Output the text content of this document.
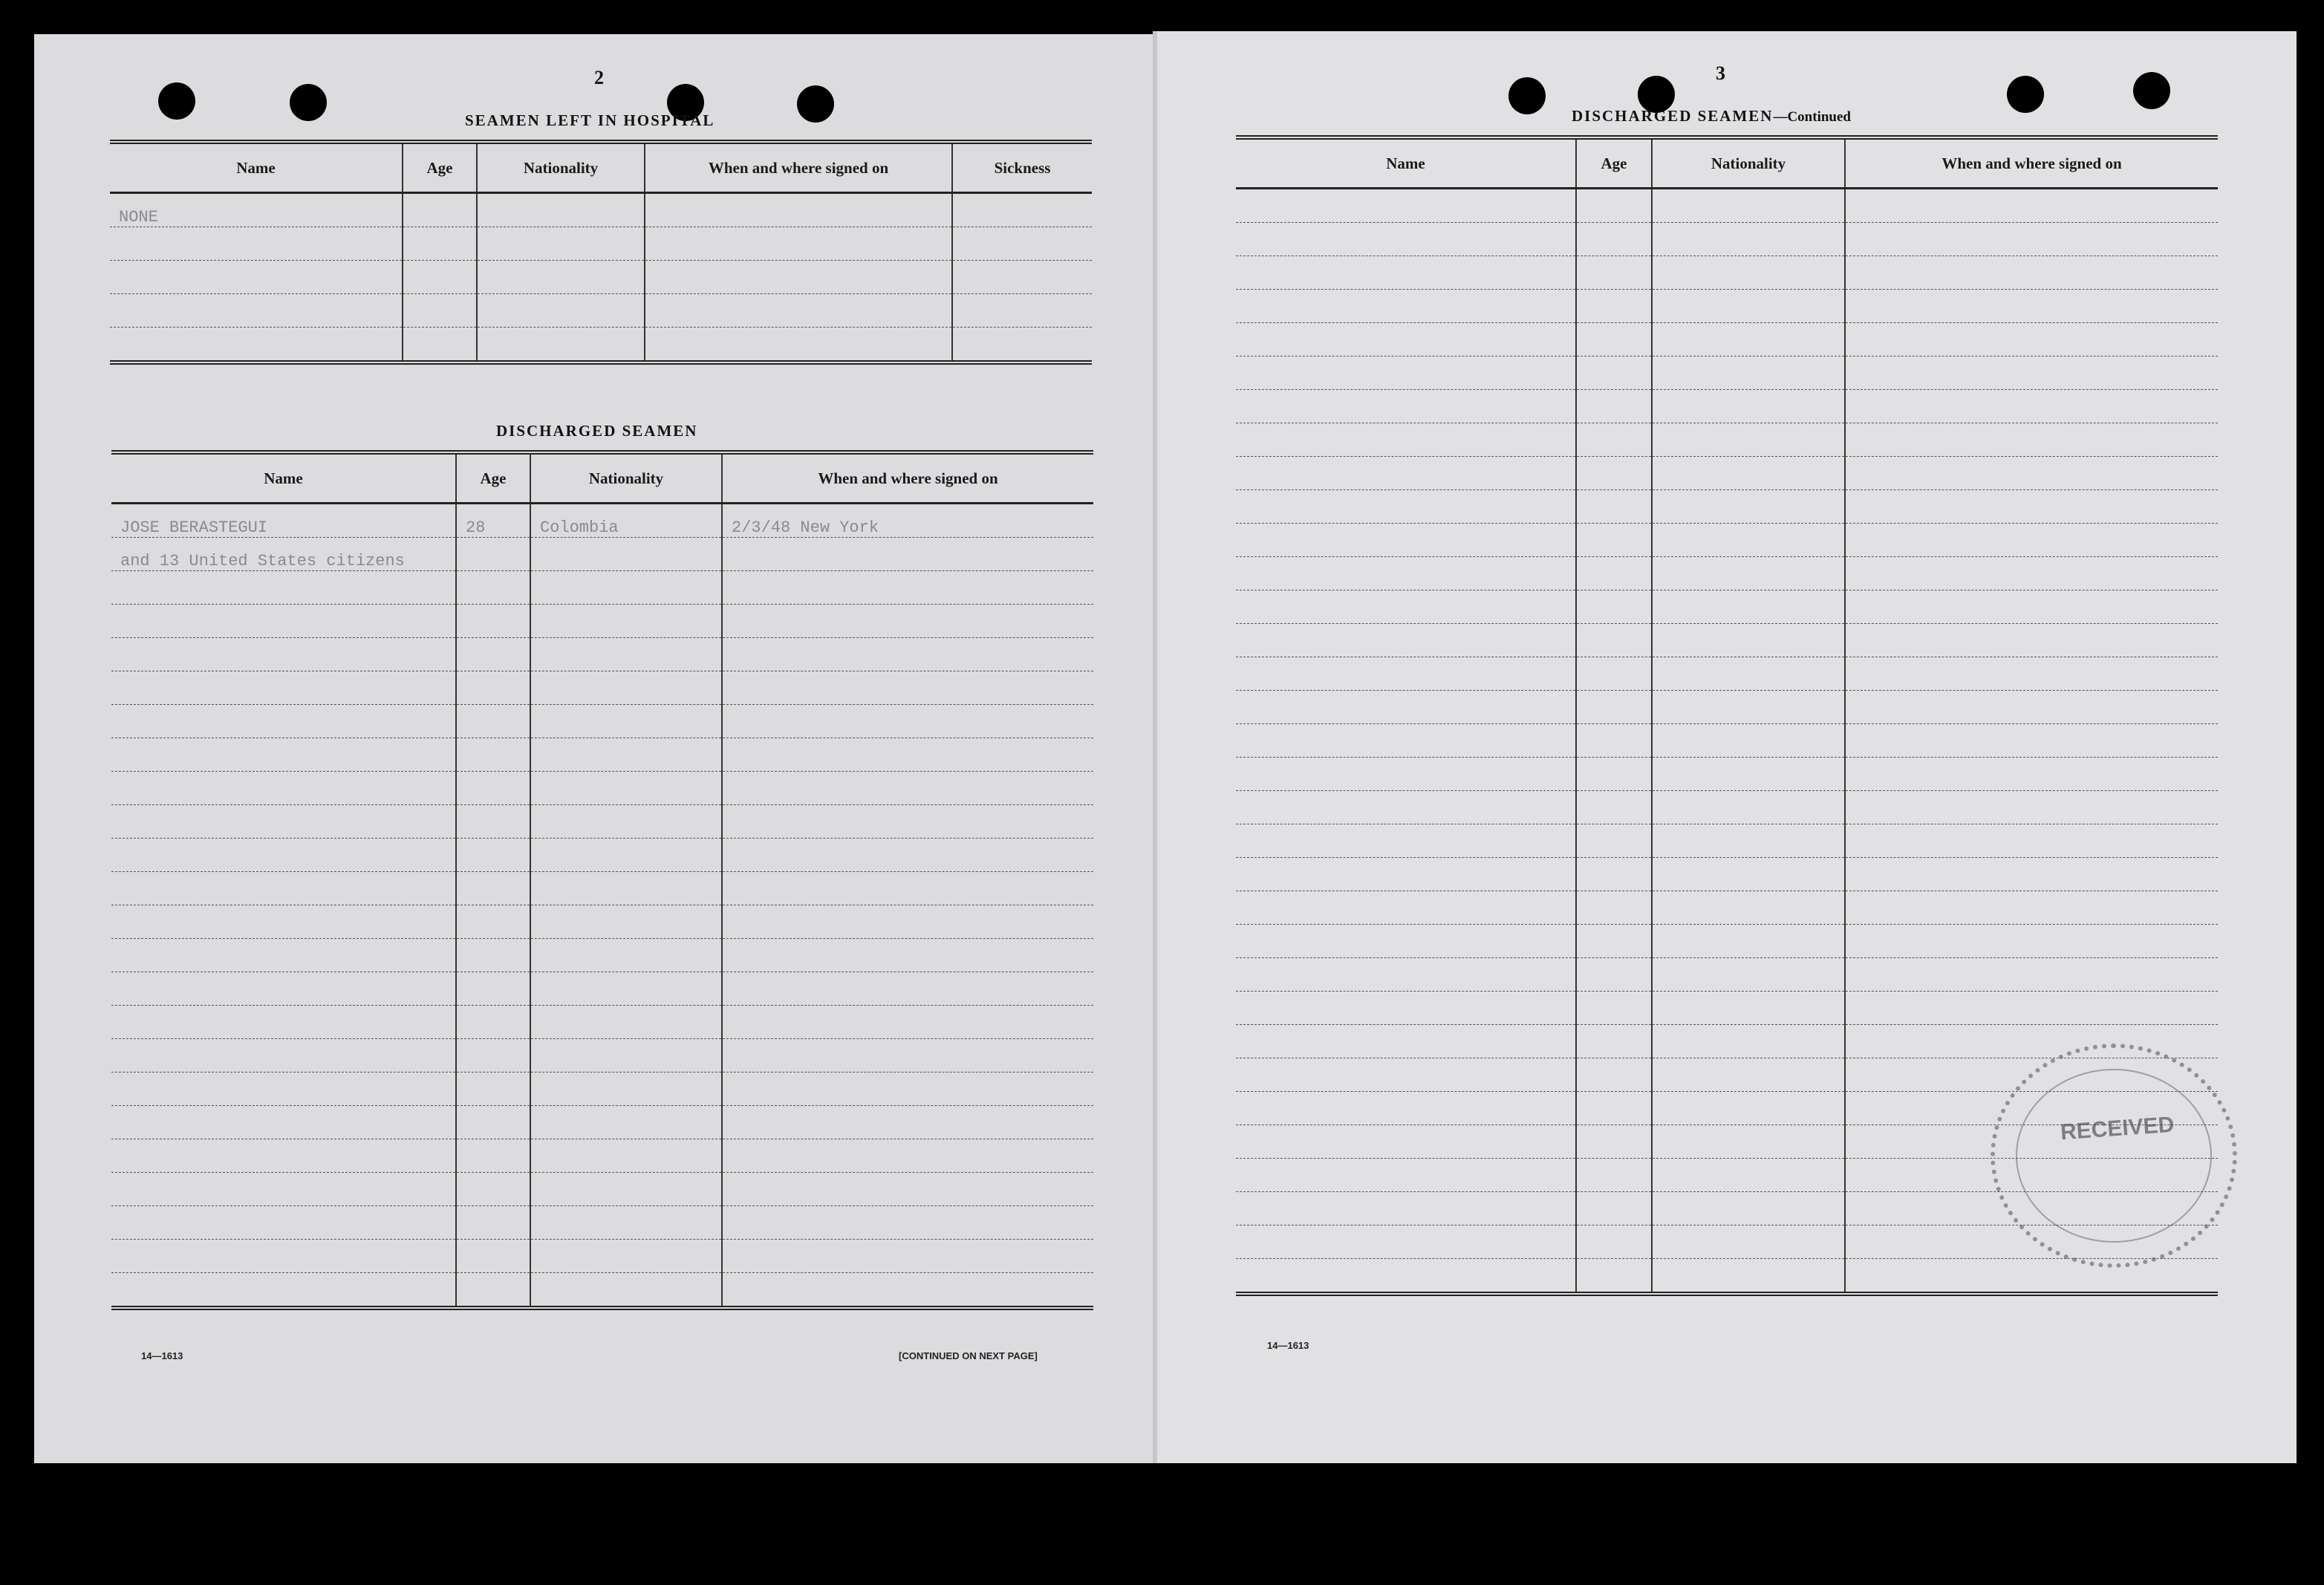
2
SEAMEN LEFT IN HOSPITAL
Name	Age	Nationality	When and where signed on	Sickness
NONE				

DISCHARGED SEAMEN
Name	Age	Nationality	When and where signed on
JOSE BERASTEGUI	28	Colombia	2/3/48 New York
and 13 United States citizens			

14—1613	[CONTINUED ON NEXT PAGE]
3
DISCHARGED SEAMEN—Continued
Name	Age	Nationality	When and where signed on

14—1613
RECEIVED
